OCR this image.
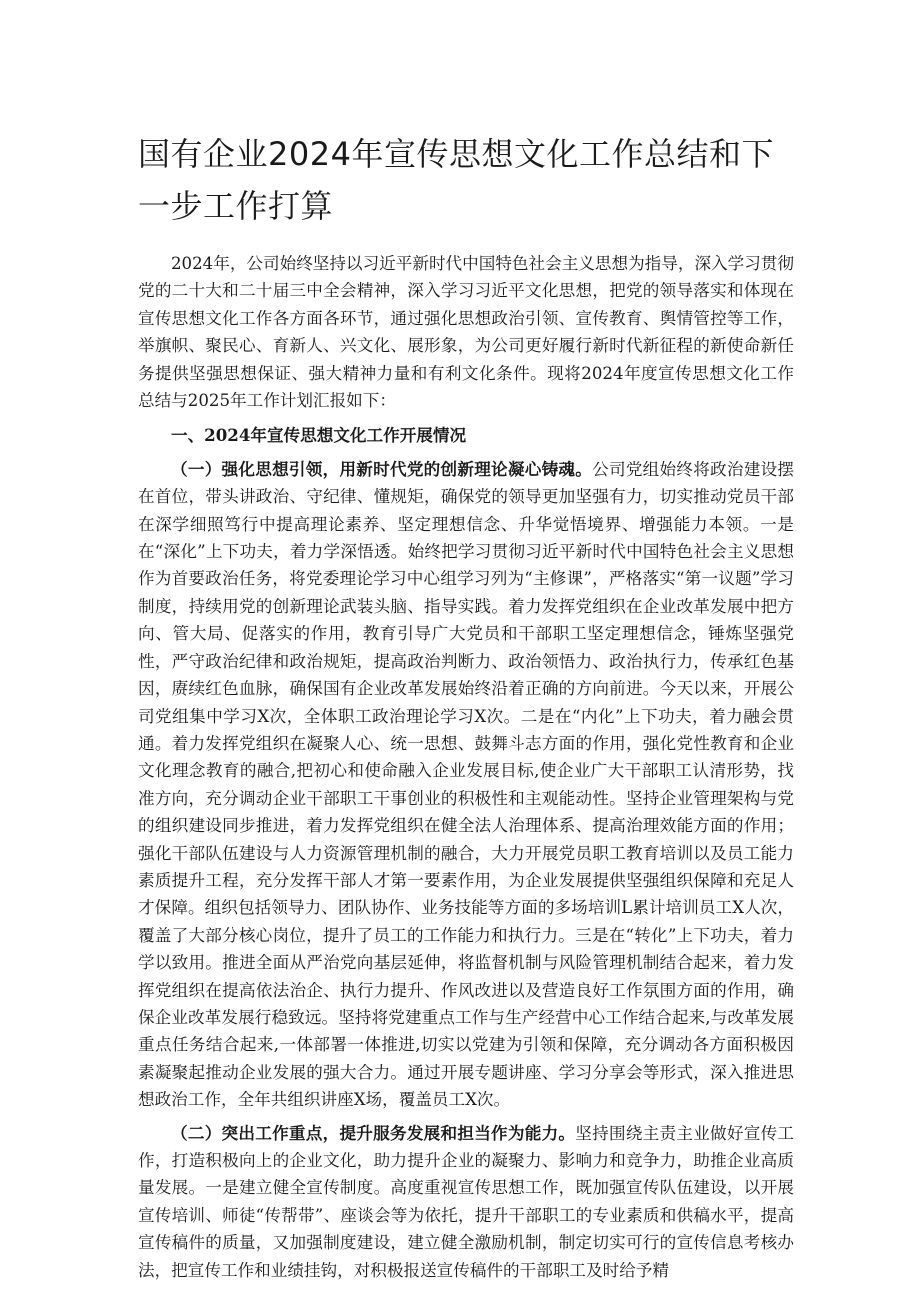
国有企业2024年宣传思想文化工作总结和下一步工作打算

2024年，公司始终坚持以习近平新时代中国特色社会主义思想为指导，深入学习贯彻党的二十大和二十届三中全会精神，深入学习习近平文化思想，把党的领导落实和体现在宣传思想文化工作各方面各环节，通过强化思想政治引领、宣传教育、舆情管控等工作，举旗帜、聚民心、育新人、兴文化、展形象，为公司更好履行新时代新征程的新使命新任务提供坚强思想保证、强大精神力量和有利文化条件。现将2024年度宣传思想文化工作总结与2025年工作计划汇报如下：

一、2024年宣传思想文化工作开展情况

（一）强化思想引领，用新时代党的创新理论凝心铸魂。公司党组始终将政治建设摆在首位，带头讲政治、守纪律、懂规矩，确保党的领导更加坚强有力，切实推动党员干部在深学细照笃行中提高理论素养、坚定理想信念、升华觉悟境界、增强能力本领。一是在“深化”上下功夫，着力学深悟透。始终把学习贯彻习近平新时代中国特色社会主义思想作为首要政治任务，将党委理论学习中心组学习列为“主修课”，严格落实“第一议题”学习制度，持续用党的创新理论武装头脑、指导实践。着力发挥党组织在企业改革发展中把方向、管大局、促落实的作用，教育引导广大党员和干部职工坚定理想信念，锤炼坚强党性，严守政治纪律和政治规矩，提高政治判断力、政治领悟力、政治执行力，传承红色基因，赓续红色血脉，确保国有企业改革发展始终沿着正确的方向前进。今天以来，开展公司党组集中学习X次，全体职工政治理论学习X次。二是在“内化”上下功夫，着力融会贯通。着力发挥党组织在凝聚人心、统一思想、鼓舞斗志方面的作用，强化党性教育和企业文化理念教育的融合,把初心和使命融入企业发展目标,使企业广大干部职工认清形势，找准方向，充分调动企业干部职工干事创业的积极性和主观能动性。坚持企业管理架构与党的组织建设同步推进，着力发挥党组织在健全法人治理体系、提高治理效能方面的作用；强化干部队伍建设与人力资源管理机制的融合，大力开展党员职工教育培训以及员工能力素质提升工程，充分发挥干部人才第一要素作用，为企业发展提供坚强组织保障和充足人才保障。组织包括领导力、团队协作、业务技能等方面的多场培训L累计培训员工X人次，覆盖了大部分核心岗位，提升了员工的工作能力和执行力。三是在“转化”上下功夫，着力学以致用。推进全面从严治党向基层延伸，将监督机制与风险管理机制结合起来，着力发挥党组织在提高依法治企、执行力提升、作风改进以及营造良好工作氛围方面的作用，确保企业改革发展行稳致远。坚持将党建重点工作与生产经营中心工作结合起来,与改革发展重点任务结合起来,一体部署一体推进,切实以党建为引领和保障，充分调动各方面积极因素凝聚起推动企业发展的强大合力。通过开展专题讲座、学习分享会等形式，深入推进思想政治工作，全年共组织讲座X场，覆盖员工X次。

（二）突出工作重点，提升服务发展和担当作为能力。坚持围绕主责主业做好宣传工作，打造积极向上的企业文化，助力提升企业的凝聚力、影响力和竞争力，助推企业高质量发展。一是建立健全宣传制度。高度重视宣传思想工作，既加强宣传队伍建设，以开展宣传培训、师徒“传帮带”、座谈会等为依托，提升干部职工的专业素质和供稿水平，提高宣传稿件的质量，又加强制度建设，建立健全激励机制，制定切实可行的宣传信息考核办法，把宣传工作和业绩挂钩，对积极报送宣传稿件的干部职工及时给予精
